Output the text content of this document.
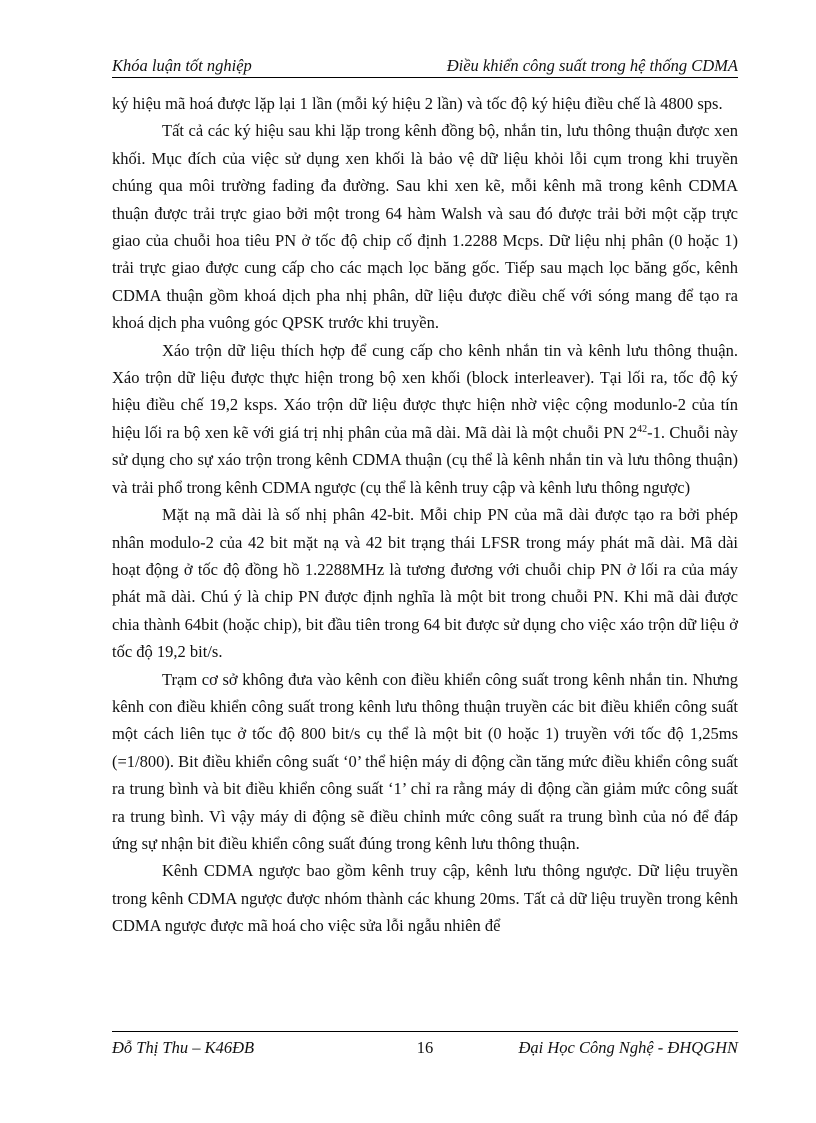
Khóa luận tốt nghiệp	Điều khiển công suất trong hệ thống CDMA

ký hiệu mã hoá được lặp lại 1 lần (mỗi ký hiệu 2 lần) và tốc độ ký hiệu điều chế là 4800 sps.

Tất cả các ký hiệu sau khi lặp trong kênh đồng bộ, nhắn tin, lưu thông thuận được xen khối. Mục đích của việc sử dụng xen khối là bảo vệ dữ liệu khỏi lỗi cụm trong khi truyền chúng qua môi trường fading đa đường. Sau khi xen kẽ, mỗi kênh mã trong kênh CDMA thuận được trải trực giao bởi một trong 64 hàm Walsh và sau đó được trải bởi một cặp trực giao của chuỗi hoa tiêu PN ở tốc độ chip cố định 1.2288 Mcps. Dữ liệu nhị phân (0 hoặc 1) trải trực giao được cung cấp cho các mạch lọc băng gốc. Tiếp sau mạch lọc băng gốc, kênh CDMA thuận gồm khoá dịch pha nhị phân, dữ liệu được điều chế với sóng mang để tạo ra khoá dịch pha vuông góc QPSK trước khi truyền.

Xáo trộn dữ liệu thích hợp để cung cấp cho kênh nhắn tin và kênh lưu thông thuận. Xáo trộn dữ liệu được thực hiện trong bộ xen khối (block interleaver). Tại lối ra, tốc độ ký hiệu điều chế 19,2 ksps. Xáo trộn dữ liệu được thực hiện nhờ việc cộng modunlo-2 của tín hiệu lối ra bộ xen kẽ với giá trị nhị phân của mã dài. Mã dài là một chuỗi PN $2^{42}-1$. Chuỗi này sử dụng cho sự xáo trộn trong kênh CDMA thuận (cụ thể là kênh nhắn tin và lưu thông thuận) và trải phổ trong kênh CDMA ngược (cụ thể là kênh truy cập và kênh lưu thông ngược)

Mặt nạ mã dài là số nhị phân 42-bit. Mỗi chip PN của mã dài được tạo ra bởi phép nhân modulo-2 của 42 bit mặt nạ và 42 bit trạng thái LFSR trong máy phát mã dài. Mã dài hoạt động ở tốc độ đồng hồ 1.2288MHz là tương đương với chuỗi chip PN ở lối ra của máy phát mã dài. Chú ý là chip PN được định nghĩa là một bit trong chuỗi PN. Khi mã dài được chia thành 64bit (hoặc chip), bit đầu tiên trong 64 bit được sử dụng cho việc xáo trộn dữ liệu ở tốc độ 19,2 bit/s.

Trạm cơ sở không đưa vào kênh con điều khiển công suất trong kênh nhắn tin. Nhưng kênh con điều khiển công suất trong kênh lưu thông thuận truyền các bit điều khiển công suất một cách liên tục ở tốc độ 800 bit/s cụ thể là một bit (0 hoặc 1) truyền với tốc độ 1,25ms (=1/800). Bit điều khiển công suất ‘0’ thể hiện máy di động cần tăng mức điều khiển công suất ra trung bình và bit điều khiển công suất ‘1’ chỉ ra rằng máy di động cần giảm mức công suất ra trung bình. Vì vậy máy di động sẽ điều chỉnh mức công suất ra trung bình của nó để đáp ứng sự nhận bit điều khiển công suất đúng trong kênh lưu thông thuận.

Kênh CDMA ngược bao gồm kênh truy cập, kênh lưu thông ngược. Dữ liệu truyền trong kênh CDMA ngược được nhóm thành các khung 20ms. Tất cả dữ liệu truyền trong kênh CDMA ngược được mã hoá cho việc sửa lỗi ngẫu nhiên để

Đỗ Thị Thu – K46ĐB	16	Đại Học Công Nghệ - ĐHQGHN
